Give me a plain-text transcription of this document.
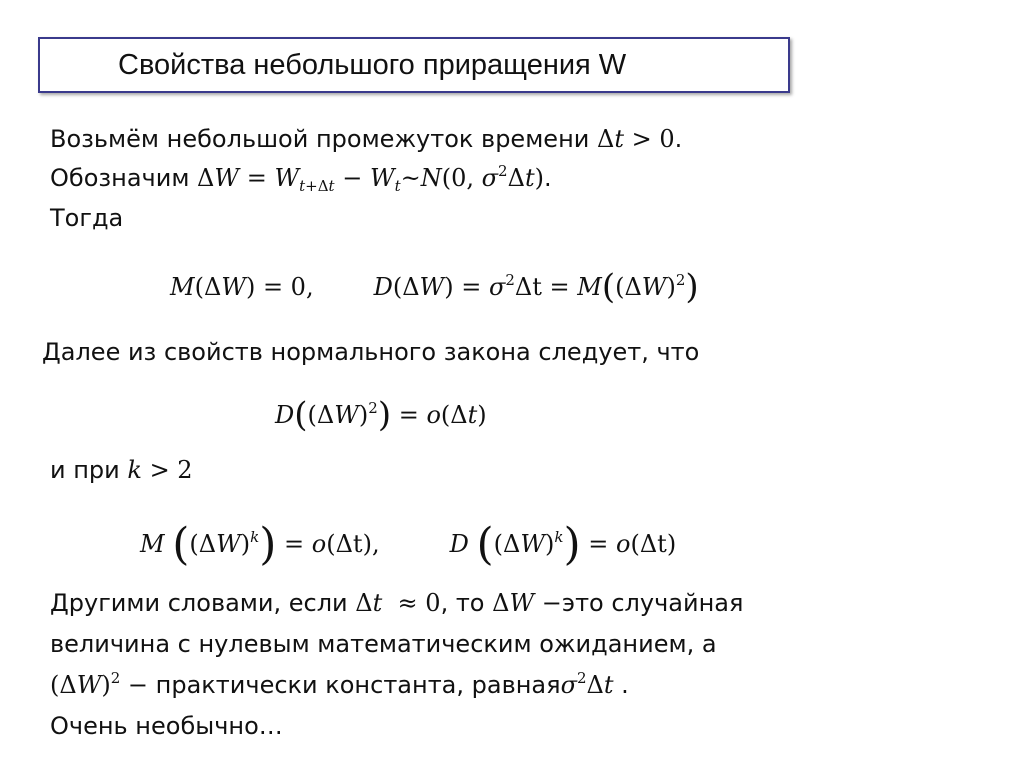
Свойства небольшого приращения W
Возьмём небольшой промежуток времени Δt > 0.
Обозначим $\Delta W = W_{t+\Delta t}$ − $W_t\sim N(0$, $\sigma^2\Delta t$).
Тогда
M(ΔW) = 0,	$D(\Delta W) = \sigma^2\Delta t = M((\Delta W)^2)$
Далее из свойств нормального закона следует, что
$D((\Delta W)^2) = o(\Delta t)$
и при k > 2
M $((\Delta W)^k) = o(\Delta t)$,	D $((\Delta W)^k) = o(\Delta t)$
Другими словами, если Δt  ≈ 0, то ΔW −это случайная
величина с нулевым математическим ожиданием, а
$(\Delta W)^2$ − практически константа, равнаяσ$^2$Δt .
Очень необычно…
